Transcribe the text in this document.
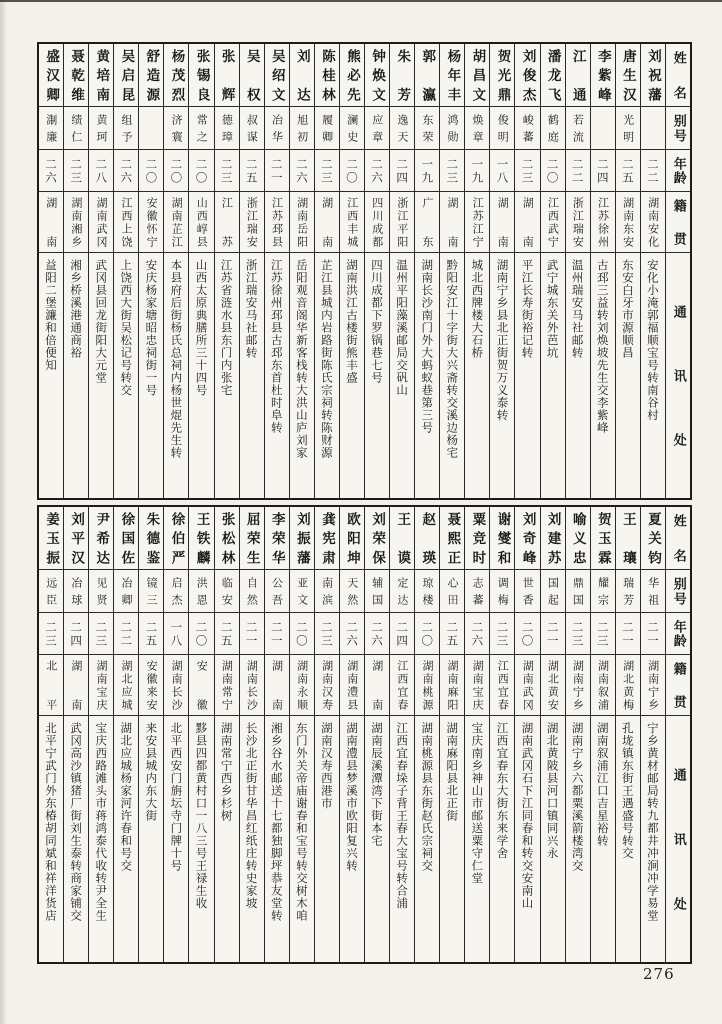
姓名
别号
年龄
籍贯
通讯处
刘祝藩
二二
湖南安化
安化小淹郭福顺宝号转南谷村
唐生汉
光明
二五
湖南东安
东安白牙市源顺昌
李紫峰
二四
江苏徐州
古邳三益转刘焕坡先生交李紫峰
江通
若流
二二
浙江瑞安
温州瑞安马社邮转
潘龙飞
鹤庭
二〇
江西武宁
武宁城东关外芭坑
刘俊杰
峻蕃
二三
湖南
平江长寿街裕记转
贺光鼎
俊明
一八
湖南
湖南宁乡县北正街贺万义泰转
胡昌文
焕章
一九
江苏江宁
城北西牌楼大石桥
杨年丰
鸿勋
二三
湖南
黔阳安江十字街大兴斋转交溪边杨宅
郭瀛
东荣
一九
广东
湖南长沙南门外大蚂蚁巷第三号
朱芳
逸天
二四
浙江平阳
温州平阳藻溪邮局交矾山
钟焕文
应章
二六
四川成都
四川成都下罗锅巷七号
熊必先
澜史
二〇
江西丰城
湖南洪江古楼街熊丰盛
陈桂林
履卿
二三
湖南
芷江县城内岩路街陈氏宗祠转陈财源
刘达
旭初
二六
湖南岳阳
岳阳观音阁华新客栈转大洪山庐刘家
吴绍文
冶华
二一
江苏邳县
江苏徐州邳县古邳东首杜时阜转
吴权
叔谋
二五
浙江瑞安
浙江瑞安马社邮转
张辉
德璋
二三
江苏
江苏省涟水县东门内张宅
张锡良
常之
二〇
山西崞县
山西太原典膳所三十四号
杨茂烈
济寰
二〇
湖南芷江
本县府后街杨氏总祠内杨世焜先生转
舒造源
二〇
安徽怀宁
安庆杨家塘昭忠祠街一号
吴启昆
组予
二六
江西上饶
上饶西大街吴松记号转交
黄培南
黄珂
二八
湖南武冈
武冈县回龙街阳大元堂
聂乾维
绩仁
二三
湖南湘乡
湘乡桥溪港通商裕
盛汉卿
淛廉
二六
湖南
益阳二堡濂和倍便知
姓名
别号
年龄
籍贯
通讯处
夏关钧
华祖
二一
湖南宁乡
宁乡黄材邮局转九都井冲涧冲学易堂
王瓖
瑞芳
二一
湖北黄梅
孔垅镇东街王遇盛号转交
贺玉霖
耀宗
二三
湖南叙浦
湖南叙浦江口吉星裕转
喻义忠
鼎国
二三
湖南宁乡
湖南宁乡六都粟溪箭楼湾交
刘建苏
国起
二一
湖北黄安
湖北黄陂县河口镇同兴永
刘奇峰
世香
二〇
湖南武冈
湖南武冈石下江同春和转交安南山
谢燮和
调梅
二三
江西宜春
江西宜春东大街东来学舍
粟竞时
志蕃
二六
湖南宝庆
宝庆南乡神山市邮送粟守仁堂
聂熙正
心田
二五
湖南麻阳
湖南麻阳县北正街
赵瑛
琼楼
二〇
湖南桃源
湖南桃源县东街赵氏宗祠交
王谟
定达
二四
江西宜春
江西宜春垛子背王春大宝号转合浦
刘荣保
辅国
二六
湖南
湖南辰溪潭湾下街本宅
欧阳坤
天然
二六
湖南澧县
湖南澧县梦溪市欧阳复兴转
龚宪肃
南滨
二三
湖南汉寿
湖南汉寿西港市
刘振藩
亚文
二〇
湖南永顺
东门外关帝庙谢春和宝号转交树木咱
李荣华
公吾
二一
湖南
湘乡谷水邮送十七都独脚坪恭友堂转
屈荣生
自然
二一
湖南长沙
长沙北正街甘华昌红纸庄转史家坡
张松林
临安
二五
湖南常宁
湖南常宁西乡杉树
王铁麟
洪恩
二〇
安徽
黟县四都黄村口一八三号王禄生收
徐伯严
启杰
一八
湖南长沙
北平西安门旃坛寺门牌十号
朱德鉴
镜三
二五
安徽来安
来安县城内东大街
徐国佐
冶卿
二二
湖北应城
湖北应城杨家河许春和号交
尹希达
见贤
二三
湖南宝庆
宝庆西路滩头市蒋鸿泰代收转尹全生
刘平汉
冶球
二四
湖南
武冈高沙镇猪厂街刘生泰转商家铺交
姜玉振
远臣
二三
北平
北平宁武门外东椿胡同斌和祥洋货店
276
